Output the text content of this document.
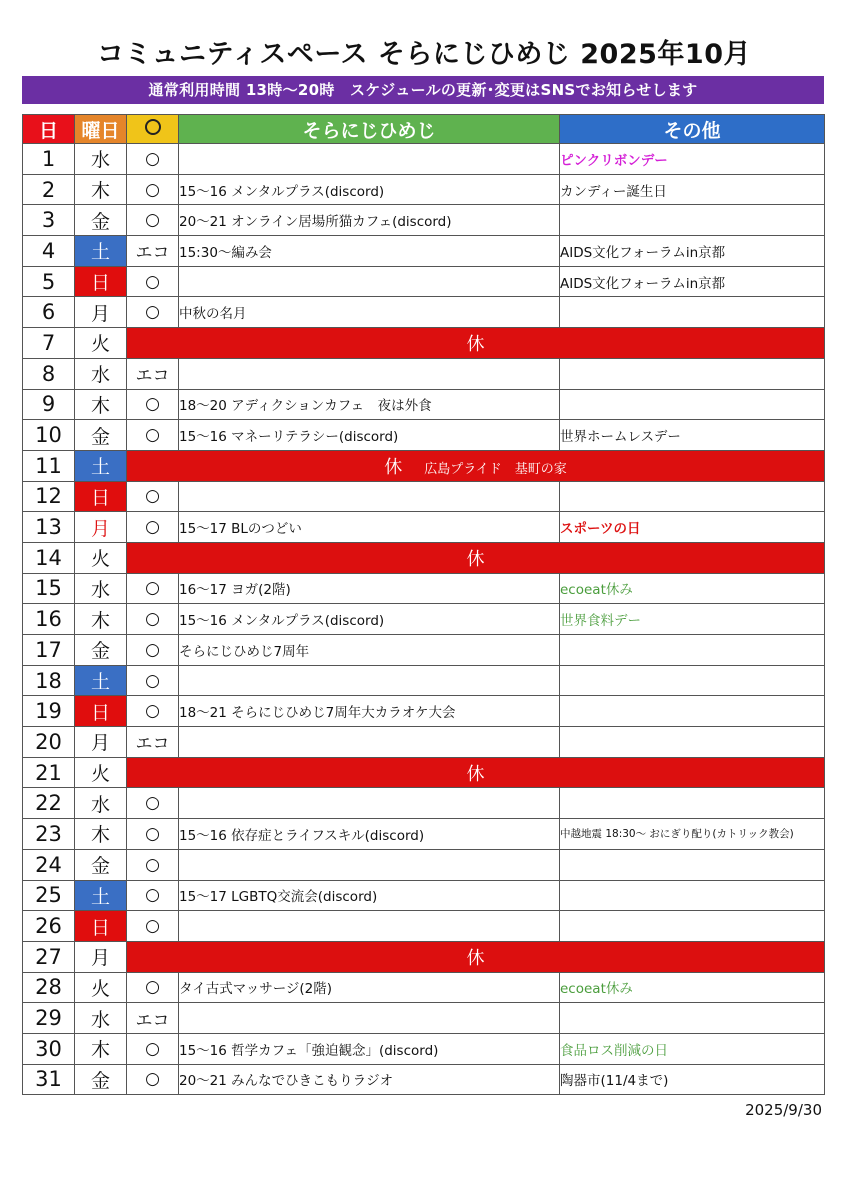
コミュニティスペース そらにじひめじ 2025年10月
通常利用時間 13時〜20時　スケジュールの更新･変更はSNSでお知らせします
日	曜日		そらにじひめじ	その他	
1	水	○		ピンクリボンデー	
2	木	○	15～16 メンタルプラス(discord)	カンディー誕生日	
3	金	○	20～21 オンライン居場所猫カフェ(discord)		
4	土	エコ	15:30～編み会	AIDS文化フォーラムin京都	
5	日	○		AIDS文化フォーラムin京都	
6	月	○	中秋の名月		
7	火	休	
8	水	エコ			
9	木	○	18～20 アディクションカフェ　夜は外食		
10	金	○	15～16 マネーリテラシー(discord)	世界ホームレスデー	
11	土	休 広島プライド　基町の家	
12	日	○			
13	月	○	15～17 BLのつどい	スポーツの日	
14	火	休	
15	水	○	16～17 ヨガ(2階)	ecoeat休み	
16	木	○	15～16 メンタルプラス(discord)	世界食料デー	
17	金	○	そらにじひめじ7周年		
18	土	○			
19	日	○	18～21 そらにじひめじ7周年大カラオケ大会		
20	月	エコ			
21	火	休	
22	水	○			
23	木	○	15～16 依存症とライフスキル(discord)	中越地震 18:30～ おにぎり配り(カトリック教会)	
24	金	○			
25	土	○	15～17 LGBTQ交流会(discord)		
26	日	○			
27	月	休	
28	火	○	タイ古式マッサージ(2階)	ecoeat休み	
29	水	エコ			
30	木	○	15～16 哲学カフェ「強迫観念」(discord)	食品ロス削減の日	
31	金	○	20～21 みんなでひきこもりラジオ	陶器市(11/4まで)	
2025/9/30
